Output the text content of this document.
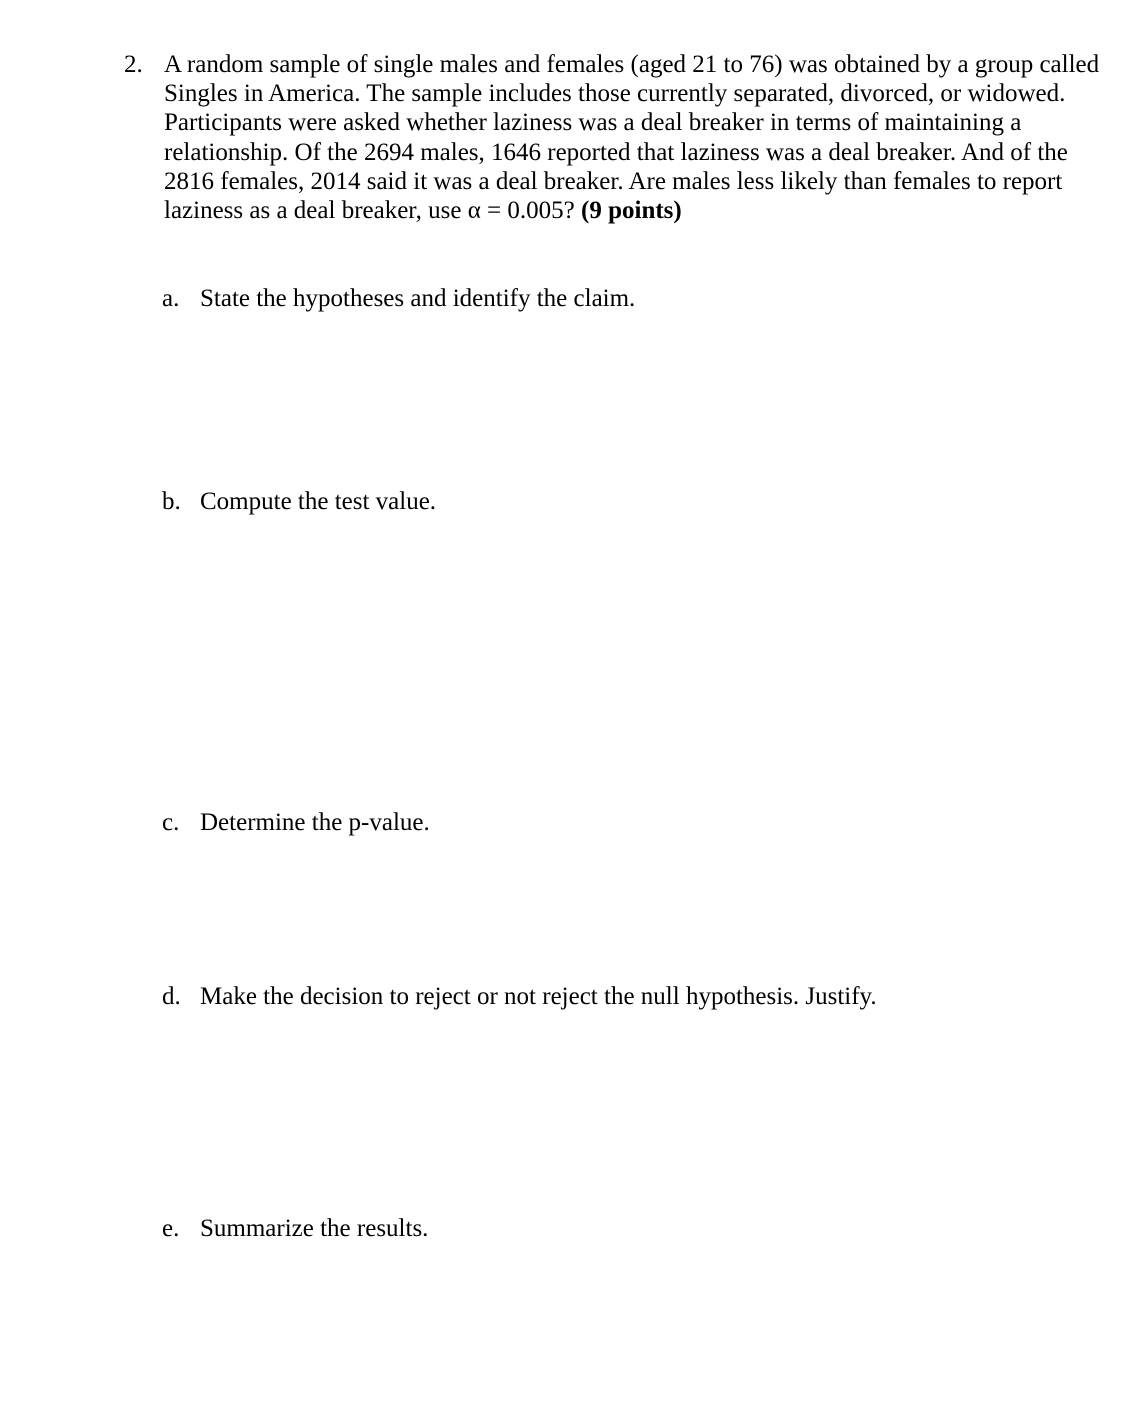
2. A random sample of single males and females (aged 21 to 76) was obtained by a group called
Singles in America. The sample includes those currently separated, divorced, or widowed.
Participants were asked whether laziness was a deal breaker in terms of maintaining a
relationship. Of the 2694 males, 1646 reported that laziness was a deal breaker. And of the
2816 females, 2014 said it was a deal breaker. Are males less likely than females to report
laziness as a deal breaker, use α = 0.005? (9 points)
a. State the hypotheses and identify the claim.
b. Compute the test value.
c. Determine the p-value.
d. Make the decision to reject or not reject the null hypothesis. Justify.
e. Summarize the results.
